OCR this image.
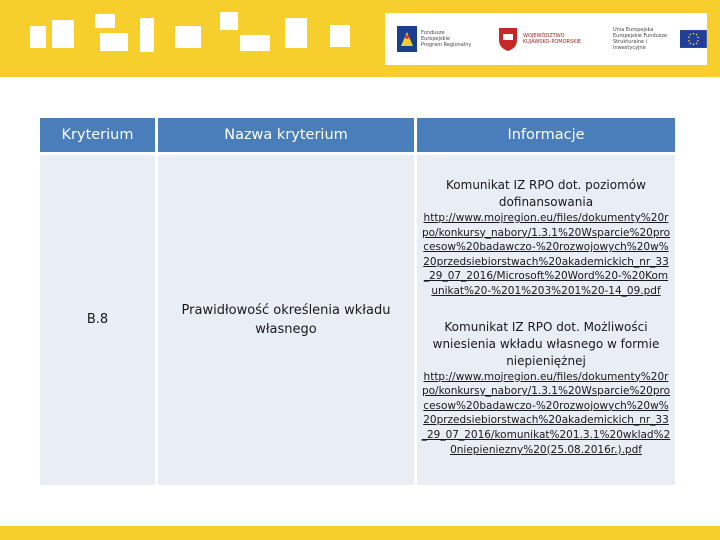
Fundusze
Europejskie
Program Regionalny
WOJEWÓDZTWO
KUJAWSKO-POMORSKIE
Unia Europejska
Europejskie Fundusze
Strukturalne i Inwestycyjne
Kryterium	Nazwa kryterium	Informacje
B.8
Prawidłowość określenia wkładu własnego
Komunikat IZ RPO dot. poziomów dofinansowania
http://www.mojregion.eu/files/dokumenty%20rpo/konkursy_nabory/1.3.1%20Wsparcie%20procesow%20badawczo-%20rozwojowych%20w%20przedsiebiorstwach%20akademickich_nr_33_29_07_2016/Microsoft%20Word%20-%20Komunikat%20-%201%203%201%20-14_09.pdf
Komunikat IZ RPO dot. Możliwości wniesienia wkładu własnego w formie niepieniężnej
http://www.mojregion.eu/files/dokumenty%20rpo/konkursy_nabory/1.3.1%20Wsparcie%20procesow%20badawczo-%20rozwojowych%20w%20przedsiebiorstwach%20akademickich_nr_33_29_07_2016/komunikat%201.3.1%20wklad%20niepieniezny%20(25.08.2016r.).pdf
